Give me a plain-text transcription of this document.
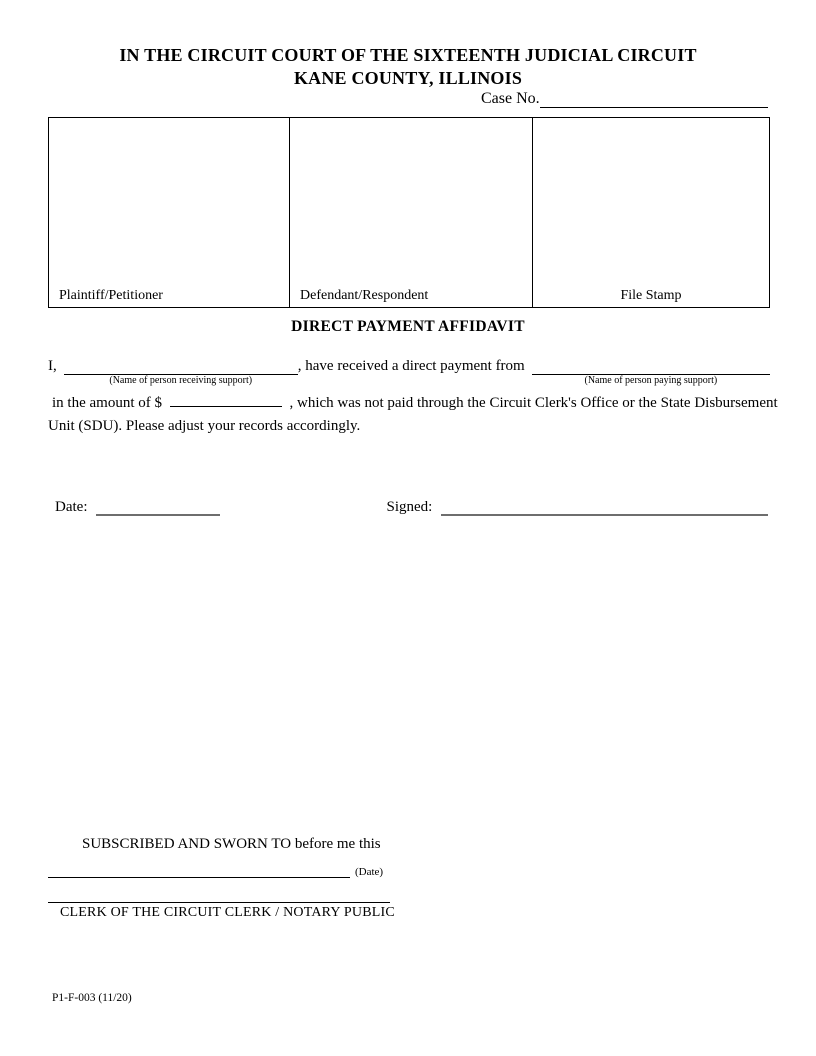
IN THE CIRCUIT COURT OF THE SIXTEENTH JUDICIAL CIRCUIT
KANE COUNTY, ILLINOIS
Case No.
Plaintiff/Petitioner	Defendant/Respondent	File Stamp
DIRECT PAYMENT AFFIDAVIT
I,
(Name of person receiving support)
, have received a direct payment from
(Name of person paying support)
in the amount of $	, which was not paid through the Circuit Clerk's Office or the State Disbursement
Unit (SDU). Please adjust your records accordingly.
Date:	Signed:
SUBSCRIBED AND SWORN TO before me this
(Date)
CLERK OF THE CIRCUIT CLERK / NOTARY PUBLIC
P1-F-003 (11/20)
